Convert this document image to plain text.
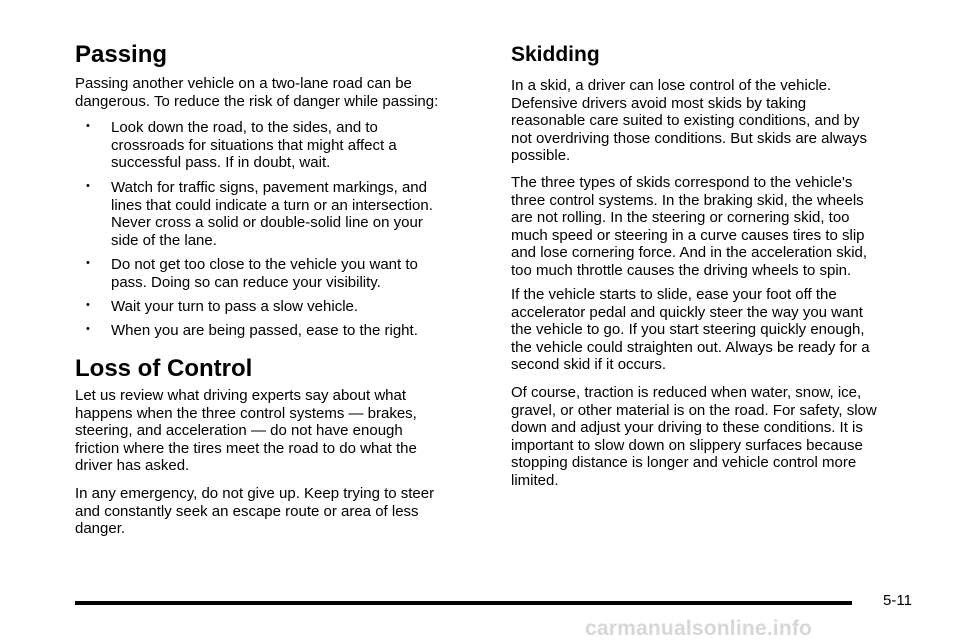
Passing

Passing another vehicle on a two-lane road can be
dangerous. To reduce the risk of danger while passing:

• Look down the road, to the sides, and to
crossroads for situations that might affect a
successful pass. If in doubt, wait.
• Watch for traffic signs, pavement markings, and
lines that could indicate a turn or an intersection.
Never cross a solid or double-solid line on your
side of the lane.
• Do not get too close to the vehicle you want to
pass. Doing so can reduce your visibility.
• Wait your turn to pass a slow vehicle.
• When you are being passed, ease to the right.
Loss of Control

Let us review what driving experts say about what
happens when the three control systems — brakes,
steering, and acceleration — do not have enough
friction where the tires meet the road to do what the
driver has asked.

In any emergency, do not give up. Keep trying to steer
and constantly seek an escape route or area of less
danger.

Skidding

In a skid, a driver can lose control of the vehicle.
Defensive drivers avoid most skids by taking
reasonable care suited to existing conditions, and by
not overdriving those conditions. But skids are always
possible.

The three types of skids correspond to the vehicle's
three control systems. In the braking skid, the wheels
are not rolling. In the steering or cornering skid, too
much speed or steering in a curve causes tires to slip
and lose cornering force. And in the acceleration skid,
too much throttle causes the driving wheels to spin.

If the vehicle starts to slide, ease your foot off the
accelerator pedal and quickly steer the way you want
the vehicle to go. If you start steering quickly enough,
the vehicle could straighten out. Always be ready for a
second skid if it occurs.

Of course, traction is reduced when water, snow, ice,
gravel, or other material is on the road. For safety, slow
down and adjust your driving to these conditions. It is
important to slow down on slippery surfaces because
stopping distance is longer and vehicle control more
limited.

5-11
carmanualsonline.info
